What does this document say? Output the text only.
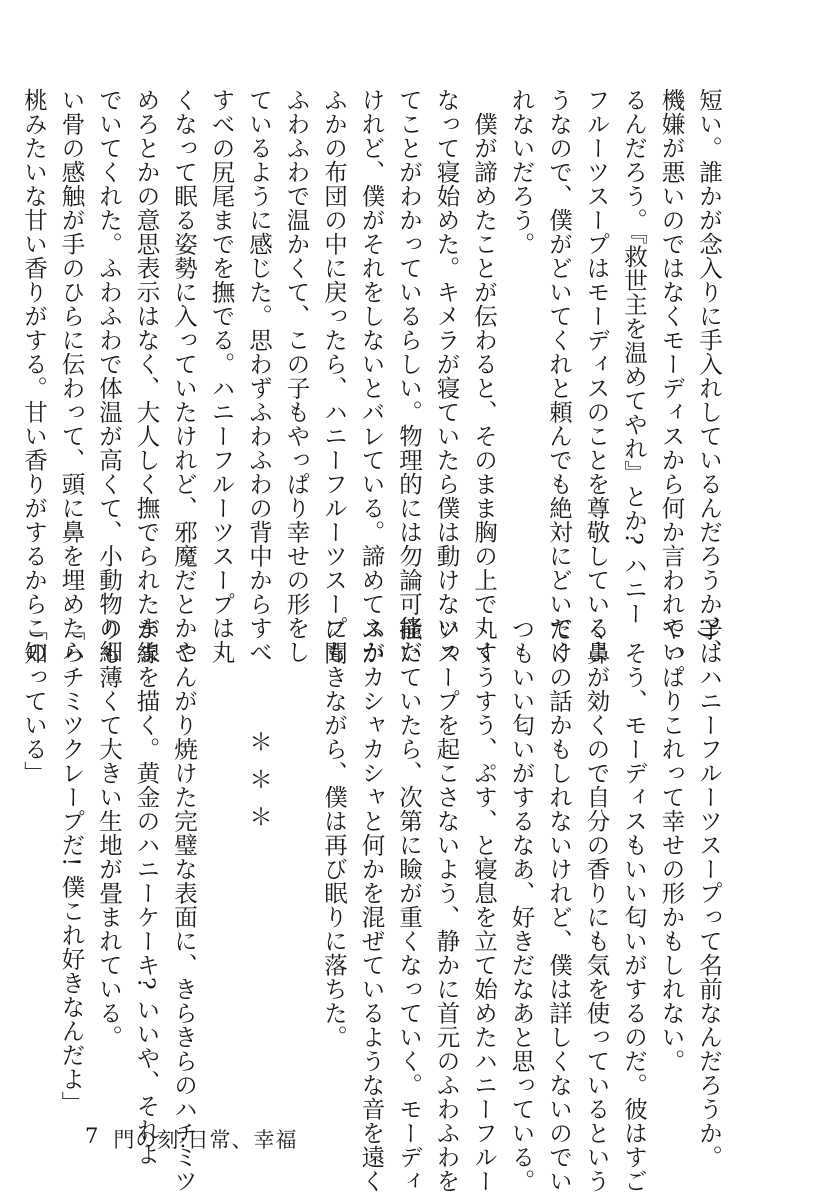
短い。誰かが念入りに手入れしているんだろうか?)、

機嫌が悪いのではなくモーディスから何か言われてい

るんだろう。『救世主を温めてやれ』とか? ハニー

フルーツスープはモーディスのことを尊敬しているよ

うなので、僕がどいてくれと頼んでも絶対にどいてく

れないだろう。

　僕が諦めたことが伝わると、そのまま胸の上で丸く

なって寝始めた。キメラが寝ていたら僕は動けないっ

てことがわかっているらしい。物理的には勿論可能だ

けれど、僕がそれをしないとバレている。諦めてふか

ふかの布団の中に戻ったら、ハニーフルーツスープも

ふわふわで温かくて、この子もやっぱり幸せの形をし

ているように感じた。思わずふわふわの背中からすべ

すべの尻尾までを撫でる。ハニーフルーツスープは丸

くなって眠る姿勢に入っていたけれど、邪魔だとかや

めろとかの意思表示はなく、大人しく撫でられたまま

でいてくれた。ふわふわで体温が高くて、小動物の細

い骨の感触が手のひらに伝わって、頭に鼻を埋めたら

桃みたいな甘い香りがする。甘い香りがするからこの

子はハニーフルーツスープって名前なんだろうか。

やっぱりこれって幸せの形かもしれない。

　そう、モーディスもいい匂いがするのだ。彼はすご

く鼻が効くので自分の香りにも気を使っているという

だけの話かもしれないけれど、僕は詳しくないのでい

つもいい匂いがするなあ、好きだなあと思っている。

　すうすう、ぷす、と寝息を立て始めたハニーフルー

ツスープを起こさないよう、静かに首元のふわふわを

掻いていたら、次第に瞼が重くなっていく。モーディ

スがカシャカシャと何かを混ぜているような音を遠く

に聞きながら、僕は再び眠りに落ちた。

　　　＊＊＊

　こんがり焼けた完璧な表面に、きらきらのハチミツ

が線を描く。黄金のハニーケーキ? いいや、それよ

りも薄くて大きい生地が畳まれている。

「ハチミツクレープだ! 僕これ好きなんだよ」

「知っている」

7 門の刻:日常、幸福
